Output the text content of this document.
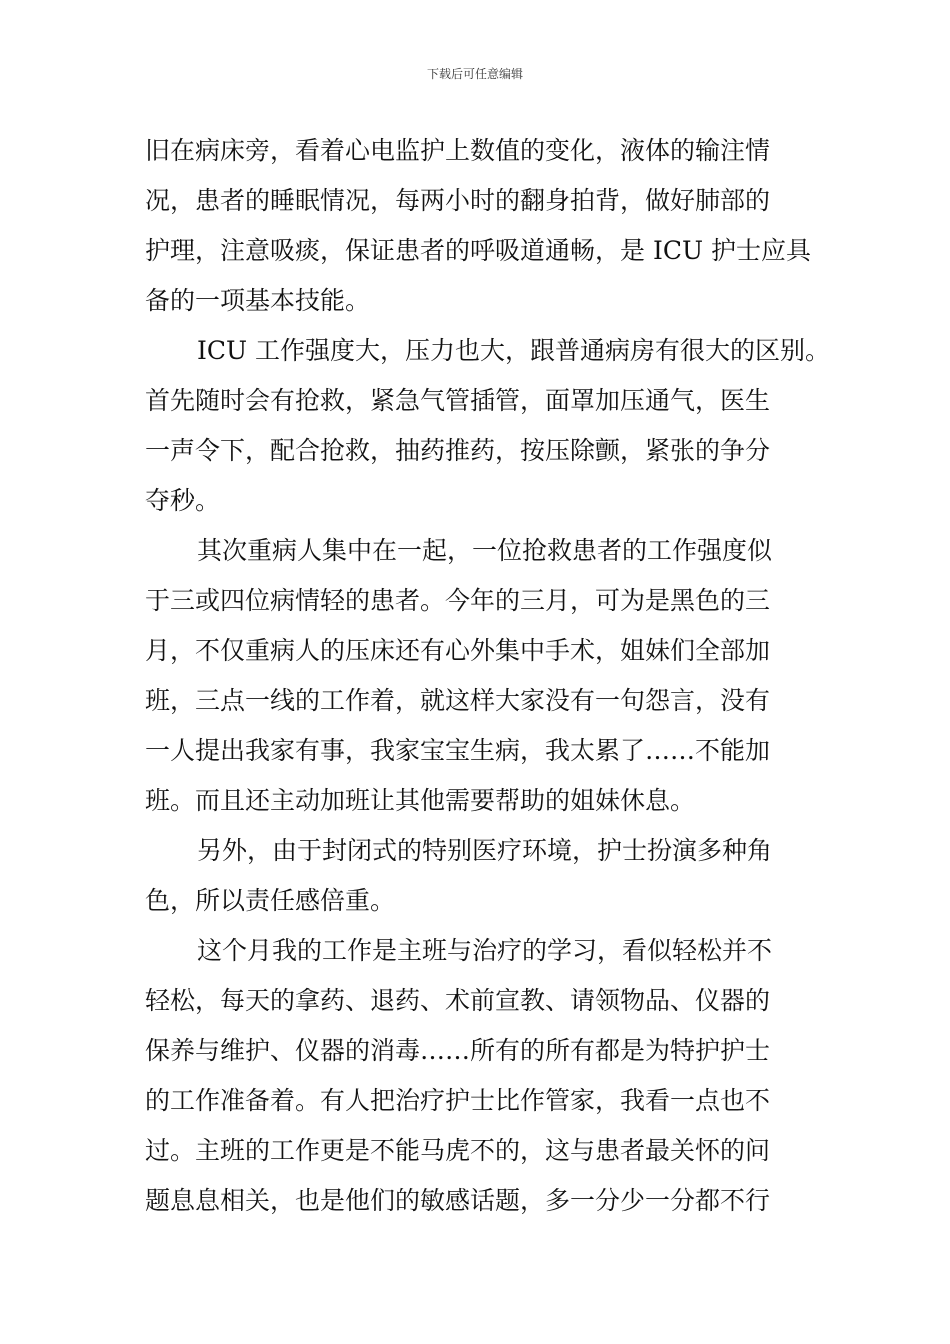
下载后可任意编辑
旧在病床旁，看着心电监护上数值的变化，液体的输注情
况，患者的睡眠情况，每两小时的翻身拍背，做好肺部的
护理，注意吸痰，保证患者的呼吸道通畅，是 ICU 护士应具
备的一项基本技能。
ICU 工作强度大，压力也大，跟普通病房有很大的区别。
首先随时会有抢救，紧急气管插管，面罩加压通气，医生
一声令下，配合抢救，抽药推药，按压除颤，紧张的争分
夺秒。
其次重病人集中在一起，一位抢救患者的工作强度似
于三或四位病情轻的患者。今年的三月，可为是黑色的三
月，不仅重病人的压床还有心外集中手术，姐妹们全部加
班，三点一线的工作着，就这样大家没有一句怨言，没有
一人提出我家有事，我家宝宝生病，我太累了……不能加
班。而且还主动加班让其他需要帮助的姐妹休息。
另外，由于封闭式的特别医疗环境，护士扮演多种角
色，所以责任感倍重。
这个月我的工作是主班与治疗的学习，看似轻松并不
轻松，每天的拿药、退药、术前宣教、请领物品、仪器的
保养与维护、仪器的消毒……所有的所有都是为特护护士
的工作准备着。有人把治疗护士比作管家，我看一点也不
过。主班的工作更是不能马虎不的，这与患者最关怀的问
题息息相关，也是他们的敏感话题，多一分少一分都不行
